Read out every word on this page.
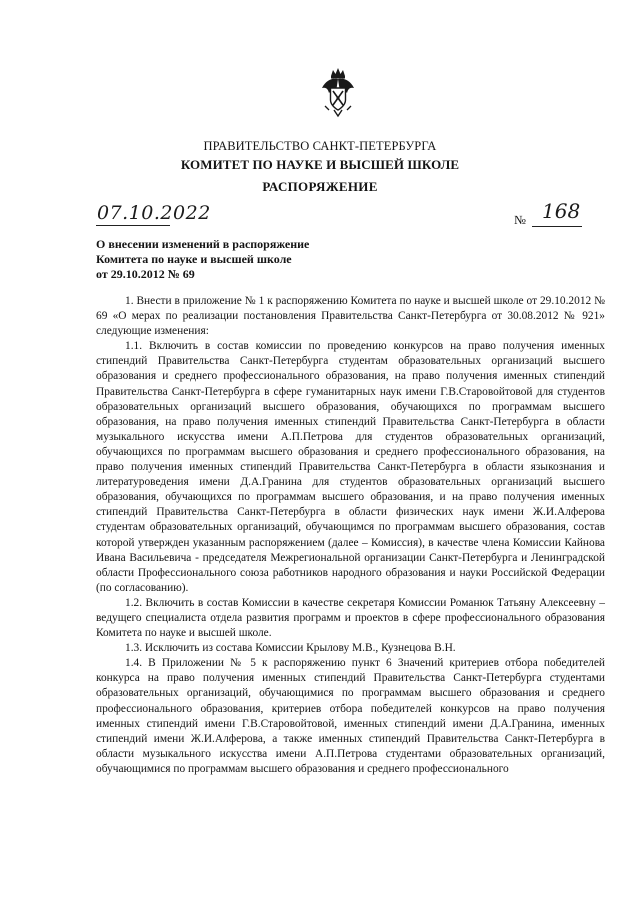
ПРАВИТЕЛЬСТВО САНКТ-ПЕТЕРБУРГА
КОМИТЕТ ПО НАУКЕ И ВЫСШЕЙ ШКОЛЕ
РАСПОРЯЖЕНИЕ
07.10.2022	№ 168
О внесении изменений в распоряжение
Комитета по науке и высшей школе
от 29.10.2012 № 69

1. Внести в приложение № 1 к распоряжению Комитета по науке и высшей школе от 29.10.2012 № 69 «О мерах по реализации постановления Правительства Санкт-Петербурга от 30.08.2012 № 921» следующие изменения:

1.1. Включить в состав комиссии по проведению конкурсов на право получения именных стипендий Правительства Санкт-Петербурга студентам образовательных организаций высшего образования и среднего профессионального образования, на право получения именных стипендий Правительства Санкт-Петербурга в сфере гуманитарных наук имени Г.В.Старовойтовой для студентов образовательных организаций высшего образования, обучающихся по программам высшего образования, на право получения именных стипендий Правительства Санкт-Петербурга в области музыкального искусства имени А.П.Петрова для студентов образовательных организаций, обучающихся по программам высшего образования и среднего профессионального образования, на право получения именных стипендий Правительства Санкт-Петербурга в области языкознания и литературоведения имени Д.А.Гранина для студентов образовательных организаций высшего образования, обучающихся по программам высшего образования, и на право получения именных стипендий Правительства Санкт-Петербурга в области физических наук имени Ж.И.Алферова студентам образовательных организаций, обучающимся по программам высшего образования, состав которой утвержден указанным распоряжением (далее – Комиссия), в качестве члена Комиссии Кайнова Ивана Васильевича - председателя Межрегиональной организации Санкт-Петербурга и Ленинградской области Профессионального союза работников народного образования и науки Российской Федерации (по согласованию).

1.2. Включить в состав Комиссии в качестве секретаря Комиссии Романюк Татьяну Алексеевну – ведущего специалиста отдела развития программ и проектов в сфере профессионального образования Комитета по науке и высшей школе.

1.3. Исключить из состава Комиссии Крылову М.В., Кузнецова В.Н.

1.4. В Приложении № 5 к распоряжению пункт 6 Значений критериев отбора победителей конкурса на право получения именных стипендий Правительства Санкт-Петербурга студентами образовательных организаций, обучающимися по программам высшего образования и среднего профессионального образования, критериев отбора победителей конкурсов на право получения именных стипендий имени Г.В.Старовойтовой, именных стипендий имени Д.А.Гранина, именных стипендий имени Ж.И.Алферова, а также именных стипендий Правительства Санкт-Петербурга в области музыкального искусства имени А.П.Петрова студентами образовательных организаций, обучающимися по программам высшего образования и среднего профессионального
